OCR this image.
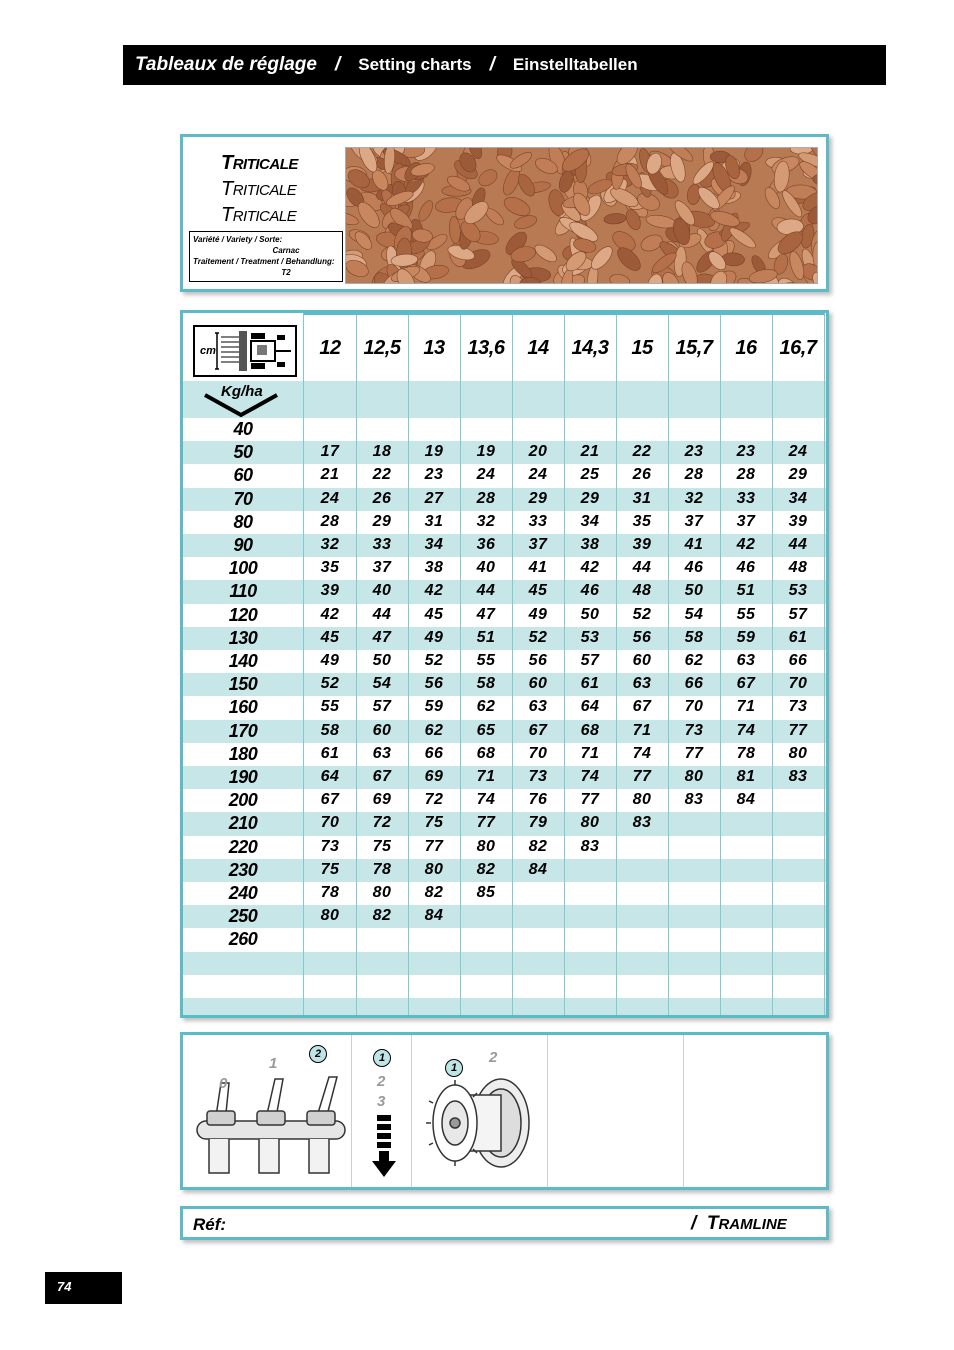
Tableaux de réglage / Setting charts / Einstelltabellen
TRITICALE
TRITICALE
TRITICALE
Variété / Variety / Sorte:
Carnac
Traitement / Treatment / Behandlung:
T2
cm
Kg/ha
12	12,5	13	13,6	14	14,3	15	15,7	16	16,7
40
50	17	18	19	19	20	21	22	23	23	24
60	21	22	23	24	24	25	26	28	28	29
70	24	26	27	28	29	29	31	32	33	34
80	28	29	31	32	33	34	35	37	37	39
90	32	33	34	36	37	38	39	41	42	44
100	35	37	38	40	41	42	44	46	46	48
110	39	40	42	44	45	46	48	50	51	53
120	42	44	45	47	49	50	52	54	55	57
130	45	47	49	51	52	53	56	58	59	61
140	49	50	52	55	56	57	60	62	63	66
150	52	54	56	58	60	61	63	66	67	70
160	55	57	59	62	63	64	67	70	71	73
170	58	60	62	65	67	68	71	73	74	77
180	61	63	66	68	70	71	74	77	78	80
190	64	67	69	71	73	74	77	80	81	83
200	67	69	72	74	76	77	80	83	84
210	70	72	75	77	79	80	83
220	73	75	77	80	82	83
230	75	78	80	82	84
240	78	80	82	85
250	80	82	84
260
0
1
2	1
2
3
1
2
Réf:	/ TRAMLINE
74
